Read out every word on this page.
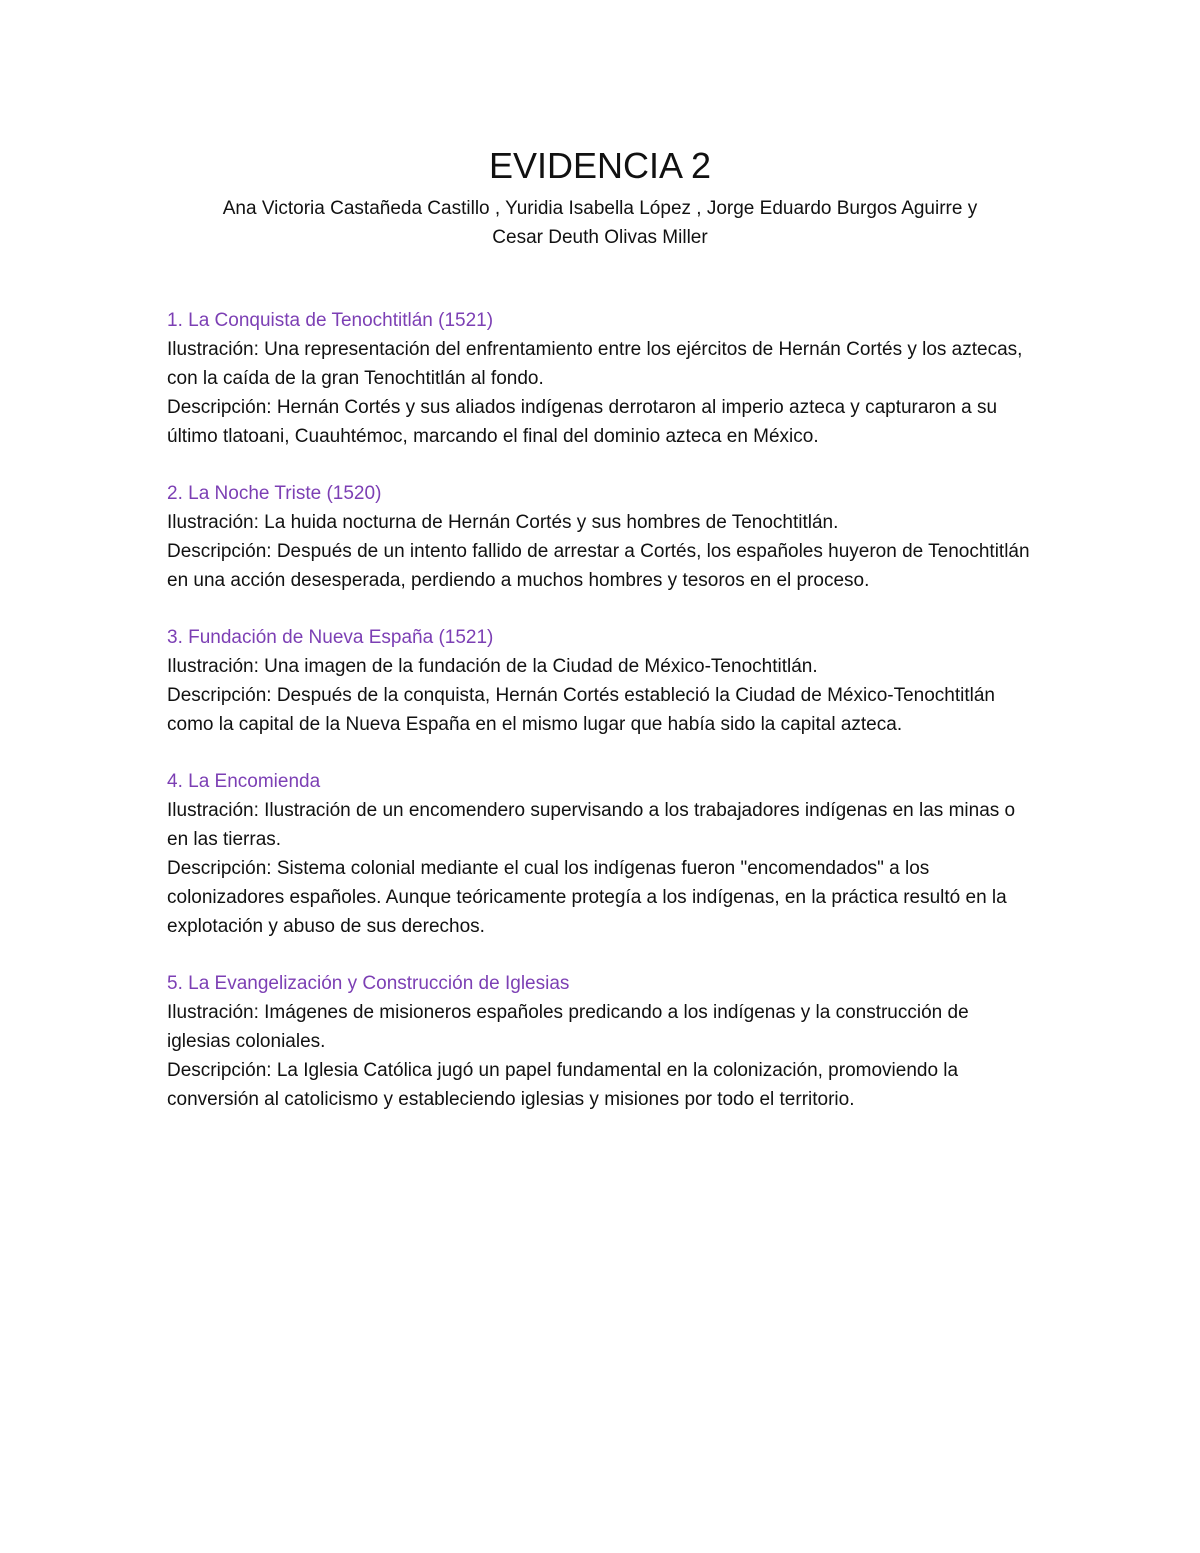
EVIDENCIA 2
Ana Victoria Castañeda Castillo , Yuridia Isabella López , Jorge Eduardo Burgos Aguirre y
Cesar Deuth Olivas Miller

1. La Conquista de Tenochtitlán (1521)

Ilustración: Una representación del enfrentamiento entre los ejércitos de Hernán Cortés y los aztecas, con la caída de la gran Tenochtitlán al fondo.

Descripción: Hernán Cortés y sus aliados indígenas derrotaron al imperio azteca y capturaron a su último tlatoani, Cuauhtémoc, marcando el final del dominio azteca en México.

2. La Noche Triste (1520)

Ilustración: La huida nocturna de Hernán Cortés y sus hombres de Tenochtitlán.

Descripción: Después de un intento fallido de arrestar a Cortés, los españoles huyeron de Tenochtitlán en una acción desesperada, perdiendo a muchos hombres y tesoros en el proceso.

3. Fundación de Nueva España (1521)

Ilustración: Una imagen de la fundación de la Ciudad de México-Tenochtitlán.

Descripción: Después de la conquista, Hernán Cortés estableció la Ciudad de México-Tenochtitlán como la capital de la Nueva España en el mismo lugar que había sido la capital azteca.

4. La Encomienda

Ilustración: Ilustración de un encomendero supervisando a los trabajadores indígenas en las minas o en las tierras.

Descripción: Sistema colonial mediante el cual los indígenas fueron "encomendados" a los colonizadores españoles. Aunque teóricamente protegía a los indígenas, en la práctica resultó en la explotación y abuso de sus derechos.

5. La Evangelización y Construcción de Iglesias

Ilustración: Imágenes de misioneros españoles predicando a los indígenas y la construcción de iglesias coloniales.

Descripción: La Iglesia Católica jugó un papel fundamental en la colonización, promoviendo la conversión al catolicismo y estableciendo iglesias y misiones por todo el territorio.
